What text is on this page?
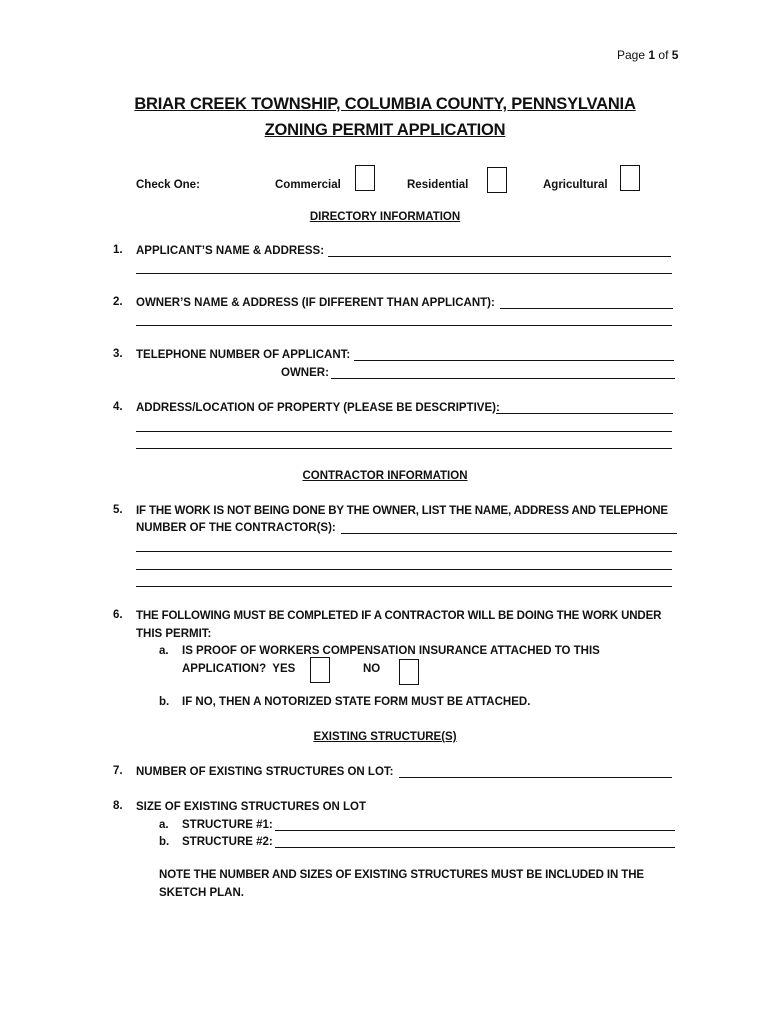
Page 1 of 5
BRIAR CREEK TOWNSHIP, COLUMBIA COUNTY, PENNSYLVANIA
ZONING PERMIT APPLICATION
Check One:	Commercial	Residential	Agricultural
DIRECTORY INFORMATION
1. APPLICANT’S NAME & ADDRESS:
2. OWNER’S NAME & ADDRESS (IF DIFFERENT THAN APPLICANT):
3. TELEPHONE NUMBER OF APPLICANT:
OWNER:
4. ADDRESS/LOCATION OF PROPERTY (PLEASE BE DESCRIPTIVE):
CONTRACTOR INFORMATION
5. IF THE WORK IS NOT BEING DONE BY THE OWNER, LIST THE NAME, ADDRESS AND TELEPHONE
NUMBER OF THE CONTRACTOR(S):
6. THE FOLLOWING MUST BE COMPLETED IF A CONTRACTOR WILL BE DOING THE WORK UNDER
THIS PERMIT:
a. IS PROOF OF WORKERS COMPENSATION INSURANCE ATTACHED TO THIS
APPLICATION?  YES	NO
b. IF NO, THEN A NOTORIZED STATE FORM MUST BE ATTACHED.
EXISTING STRUCTURE(S)
7. NUMBER OF EXISTING STRUCTURES ON LOT:
8. SIZE OF EXISTING STRUCTURES ON LOT
a. STRUCTURE #1:
b. STRUCTURE #2:
NOTE THE NUMBER AND SIZES OF EXISTING STRUCTURES MUST BE INCLUDED IN THE
SKETCH PLAN.
